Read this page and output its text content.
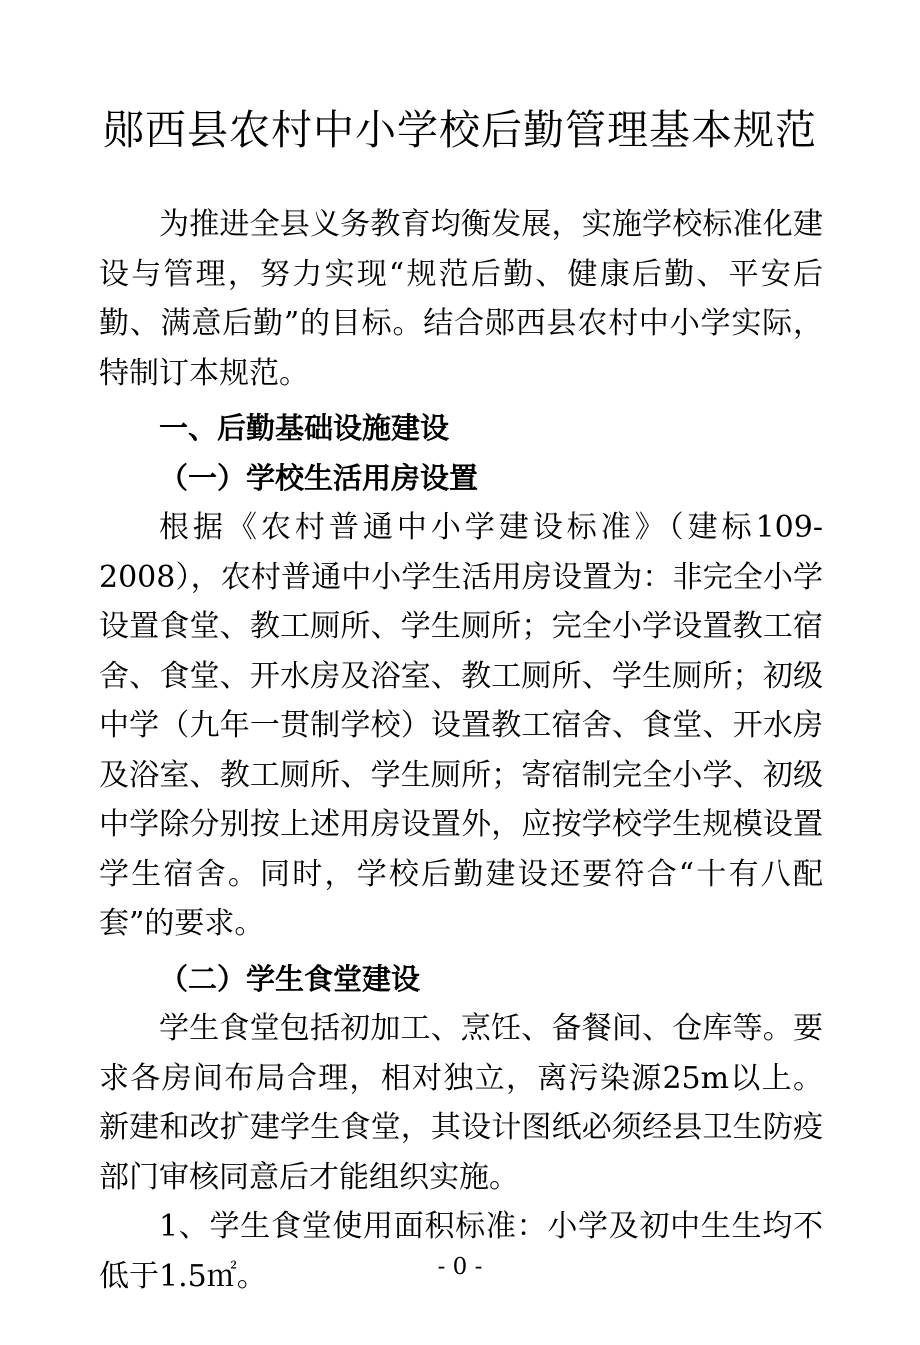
郧西县农村中小学校后勤管理基本规范

为推进全县义务教育均衡发展，实施学校标准化建设与管理，努力实现“规范后勤、健康后勤、平安后勤、满意后勤”的目标。结合郧西县农村中小学实际，特制订本规范。

一、后勤基础设施建设

（一）学校生活用房设置

根据《农村普通中小学建设标准》（建标109-2008），农村普通中小学生活用房设置为：非完全小学设置食堂、教工厕所、学生厕所；完全小学设置教工宿舍、食堂、开水房及浴室、教工厕所、学生厕所；初级中学（九年一贯制学校）设置教工宿舍、食堂、开水房及浴室、教工厕所、学生厕所；寄宿制完全小学、初级中学除分别按上述用房设置外，应按学校学生规模设置学生宿舍。同时，学校后勤建设还要符合“十有八配套”的要求。

（二）学生食堂建设

学生食堂包括初加工、烹饪、备餐间、仓库等。要求各房间布局合理，相对独立，离污染源25m以上。新建和改扩建学生食堂，其设计图纸必须经县卫生防疫部门审核同意后才能组织实施。

1、学生食堂使用面积标准：小学及初中生生均不低于1.5㎡。	- 0 -
